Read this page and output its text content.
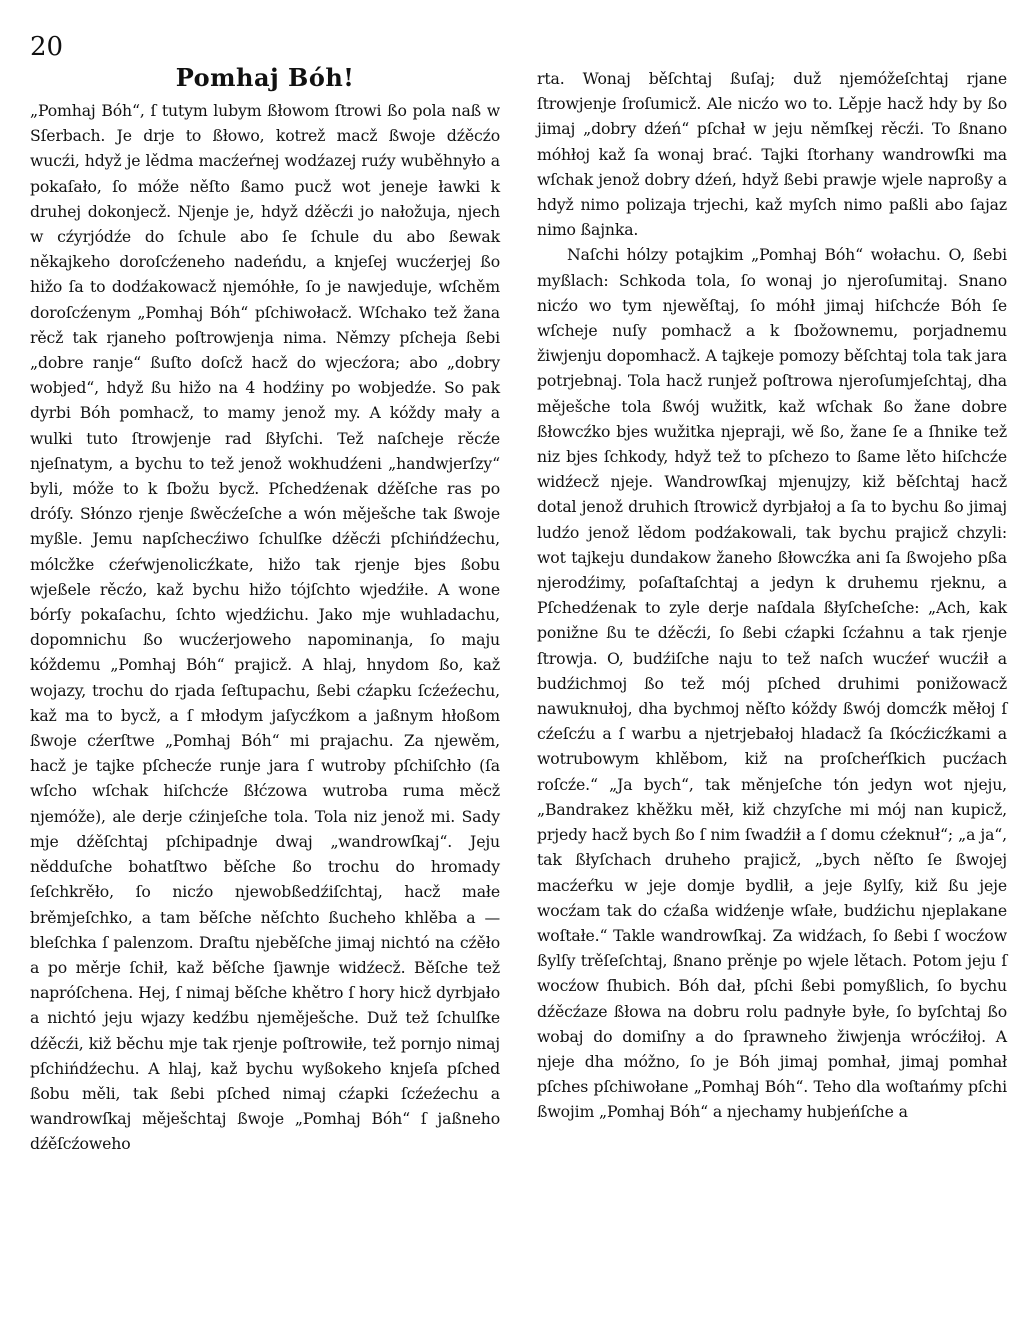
20
Pomhaj Bóh!

„Pomhaj Bóh“, ſ tutym lubym ßłowom ſtrowi ßo pola naß w Sſerbach. Je drje to ßłowo, kotrež macž ßwoje dźěcźo wucźi, hdyž je lědma macźeŕnej wodźazej ruźy wuběhnyło a pokaſało, ſo móže něſto ßamo pucž wot jeneje ławki k druhej dokonjecž. Njenje je, hdyž dźěcźi jo nałožuja, njech w cźyrjódźe do ſchule abo ſe ſchule du abo ßewak někajkeho doroſcźeneho nadeńdu, a knjeſej wucźerjej ßo hižo ſa to dodźakowacž njemóhłe, ſo je nawjeduje, wſchěm doroſcźenym „Pomhaj Bóh“ pſchiwołacž. Wſchako tež žana rěcž tak rjaneho poſtrowjenja nima. Němzy pſcheja ßebi „dobre ranje“ ßuſto doſcž hacž do wjecźora; abo „dobry wobjed“, hdyž ßu hižo na 4 hodźiny po wobjedźe. So pak dyrbi Bóh pomhacž, to mamy jenož my. A kóždy mały a wulki tuto ſtrowjenje rad ßłyſchi. Tež naſcheje rěcźe njeſnatym, a bychu to tež jenož wokhudźeni „handwjerſzy“ byli, móže to k ſbožu bycž. Pſchedźenak dźěſche ras po dróſy. Słónzo rjenje ßwěcźeſche a wón měješche tak ßwoje myßle. Jemu napſchecźiwo ſchulſke dźěcźi pſchińdźechu, mólcžke cźeŕwjenolicźkate, hižo tak rjenje bjes ßobu wjeßele rěcźo, kaž bychu hižo tójſchto wjedźiłe. A wone bórſy pokaſachu, ſchto wjedźichu. Jako mje wuhladachu, dopomnichu ßo wucźerjoweho napominanja, ſo maju kóždemu „Pomhaj Bóh“ prajicž. A hlaj, hnydom ßo, kaž wojazy, trochu do rjada ſeſtupachu, ßebi cźapku ſcźeźechu, kaž ma to bycž, a ſ młodym jaſycźkom a jaßnym hłoßom ßwoje cźerſtwe „Pomhaj Bóh“ mi prajachu. Za njewěm, hacž je tajke pſchecźe runje jara ſ wutroby pſchiſchło (ſa wſcho wſchak hiſchcźe ßłćzowa wutroba ruma měcž njemóže), ale derje cźinjeſche tola. Tola niz jenož mi. Sady mje dźěſchtaj pſchipadnje dwaj „wandrowſkaj“. Jeju nědduſche bohatſtwo běſche ßo trochu do hromady ſeſchkrěło, ſo nicźo njewobßedźiſchtaj, hacž małe brěmjeſchko, a tam běſche něſchto ßucheho khlěba a — bleſchka ſ palenzom. Draſtu njeběſche jimaj nichtó na cźěło a po měrje ſchił, kaž běſche ſjawnje widźecž. Běſche tež napróſchena. Hej, ſ nimaj běſche khětro ſ hory hicž dyrbjało a nichtó jeju wjazy kedźbu njeměješche. Duž tež ſchulſke dźěcźi, kiž běchu mje tak rjenje poſtrowiłe, tež pornjo nimaj pſchińdźechu. A hlaj, kaž bychu wyßokeho knjeſa pſched ßobu měli, tak ßebi pſched nimaj cźapki ſcźeźechu a wandrowſkaj měješchtaj ßwoje „Pomhaj Bóh“ ſ jaßneho dźěſcźoweho

rta. Wonaj běſchtaj ßuſaj; duž njemóžeſchtaj rjane ſtrowjenje ſroſumicž. Ale nicźo wo to. Lěpje hacž hdy by ßo jimaj „dobry dźeń“ pſchał w jeju němſkej rěcźi. To ßnano móhłoj kaž ſa wonaj brać. Tajki ſtorhany wandrowſki ma wſchak jenož dobry dźeń, hdyž ßebi prawje wjele naproßy a hdyž nimo polizaja trjechi, kaž myſch nimo paßli abo ſajaz nimo ßajnka.

Naſchi hólzy potajkim „Pomhaj Bóh“ wołachu. O, ßebi myßlach: Schkoda tola, ſo wonaj jo njeroſumitaj. Snano nicźo wo tym njewěſtaj, ſo móhł jimaj hiſchcźe Bóh ſe wſcheje nuſy pomhacž a k ſbožownemu, porjadnemu žiwjenju dopomhacž. A tajkeje pomozy běſchtaj tola tak jara potrjebnaj. Tola hacž runjež poſtrowa njeroſumjeſchtaj, dha měješche tola ßwój wužitk, kaž wſchak ßo žane dobre ßłowcźko bjes wužitka njepraji, wě ßo, žane ſe a ſhnike tež niz bjes ſchkody, hdyž tež to pſchezo to ßame lěto hiſchcźe widźecž njeje. Wandrowſkaj mjenujzy, kiž běſchtaj hacž dotal jenož druhich ſtrowicž dyrbjałoj a ſa to bychu ßo jimaj ludźo jenož lědom podźakowali, tak bychu prajicž chzyli: wot tajkeju dundakow žaneho ßłowcźka ani ſa ßwojeho pßa njerodźimy, poſaſtaſchtaj a jedyn k druhemu rjeknu, a Pſchedźenak to zyle derje naſdala ßłyſcheſche: „Ach, kak ponižne ßu te dźěcźi, ſo ßebi cźapki ſcźahnu a tak rjenje ſtrowja. O, budźiſche naju to tež naſch wucźeŕ wucźił a budźichmoj ßo tež mój pſched druhimi ponižowacž nawuknułoj, dha bychmoj něſto kóždy ßwój domcźk měłoj ſ cźeſcźu a ſ warbu a njetrjebałoj hladacž ſa ſkócźicźkami a wotrubowym khlěbom, kiž na proſcheŕſkich pucźach roſcźe.“ „Ja bych“, tak měnjeſche tón jedyn wot njeju, „Bandrakez khěžku měł, kiž chzyſche mi mój nan kupicž, prjedy hacž bych ßo ſ nim ſwadźił a ſ domu cźeknuł“; „a ja“, tak ßłyſchach druheho prajicž, „bych něſto ſe ßwojej macźeŕku w jeje domje bydlił, a jeje ßylſy, kiž ßu jeje wocźam tak do cźaßa widźenje wſałe, budźichu njeplakane woſtałe.“ Takle wandrowſkaj. Za widźach, ſo ßebi ſ wocźow ßylſy trěſeſchtaj, ßnano prěnje po wjele lětach. Potom jeju ſ wocźow ſhubich. Bóh dał, pſchi ßebi pomyßlich, ſo bychu dźěcźaze ßłowa na dobru rolu padnyłe byłe, ſo byſchtaj ßo wobaj do domiſny a do ſprawneho žiwjenja wrócźiłoj. A njeje dha móžno, ſo je Bóh jimaj pomhał, jimaj pomhał pſches pſchiwołane „Pomhaj Bóh“. Teho dla woſtańmy pſchi ßwojim „Pomhaj Bóh“ a njechamy hubjeńſche a
